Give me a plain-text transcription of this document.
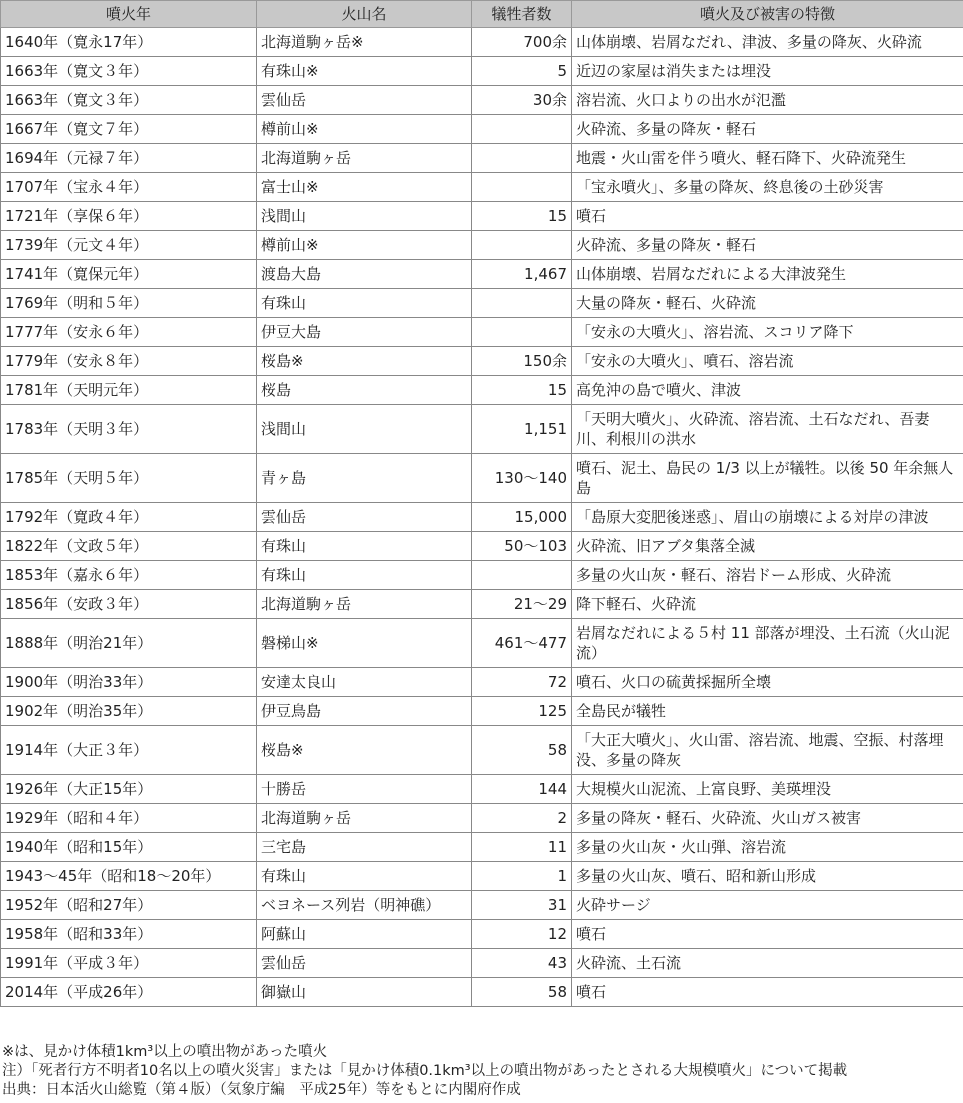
噴火年	火山名	犠牲者数	噴火及び被害の特徴
1640年（寛永17年）	北海道駒ヶ岳※	700余	山体崩壊、岩屑なだれ、津波、多量の降灰、火砕流
1663年（寛文３年）	有珠山※	5	近辺の家屋は消失または埋没
1663年（寛文３年）	雲仙岳	30余	溶岩流、火口よりの出水が氾濫
1667年（寛文７年）	樽前山※		火砕流、多量の降灰・軽石
1694年（元禄７年）	北海道駒ヶ岳		地震・火山雷を伴う噴火、軽石降下、火砕流発生
1707年（宝永４年）	富士山※		「宝永噴火」、多量の降灰、終息後の土砂災害
1721年（享保６年）	浅間山	15	噴石
1739年（元文４年）	樽前山※		火砕流、多量の降灰・軽石
1741年（寛保元年）	渡島大島	1,467	山体崩壊、岩屑なだれによる大津波発生
1769年（明和５年）	有珠山		大量の降灰・軽石、火砕流
1777年（安永６年）	伊豆大島		「安永の大噴火」、溶岩流、スコリア降下
1779年（安永８年）	桜島※	150余	「安永の大噴火」、噴石、溶岩流
1781年（天明元年）	桜島	15	高免沖の島で噴火、津波
1783年（天明３年）	浅間山	1,151	「天明大噴火」、火砕流、溶岩流、土石なだれ、吾妻川、利根川の洪水
1785年（天明５年）	青ヶ島	130～140	噴石、泥土、島民の 1/3 以上が犠牲。以後 50 年余無人島
1792年（寛政４年）	雲仙岳	15,000	「島原大変肥後迷惑」、眉山の崩壊による対岸の津波
1822年（文政５年）	有珠山	50～103	火砕流、旧アブタ集落全滅
1853年（嘉永６年）	有珠山		多量の火山灰・軽石、溶岩ドーム形成、火砕流
1856年（安政３年）	北海道駒ヶ岳	21～29	降下軽石、火砕流
1888年（明治21年）	磐梯山※	461～477	岩屑なだれによる５村 11 部落が埋没、土石流（火山泥流）
1900年（明治33年）	安達太良山	72	噴石、火口の硫黄採掘所全壊
1902年（明治35年）	伊豆鳥島	125	全島民が犠牲
1914年（大正３年）	桜島※	58	「大正大噴火」、火山雷、溶岩流、地震、空振、村落埋没、多量の降灰
1926年（大正15年）	十勝岳	144	大規模火山泥流、上富良野、美瑛埋没
1929年（昭和４年）	北海道駒ヶ岳	2	多量の降灰・軽石、火砕流、火山ガス被害
1940年（昭和15年）	三宅島	11	多量の火山灰・火山弾、溶岩流
1943～45年（昭和18～20年）	有珠山	1	多量の火山灰、噴石、昭和新山形成
1952年（昭和27年）	ベヨネース列岩（明神礁）	31	火砕サージ
1958年（昭和33年）	阿蘇山	12	噴石
1991年（平成３年）	雲仙岳	43	火砕流、土石流
2014年（平成26年）	御嶽山	58	噴石
※は、見かけ体積1km³以上の噴出物があった噴火
注）「死者行方不明者10名以上の噴火災害」または「見かけ体積0.1km³以上の噴出物があったとされる大規模噴火」について掲載
出典：日本活火山総覧（第４版）（気象庁編　平成25年）等をもとに内閣府作成
